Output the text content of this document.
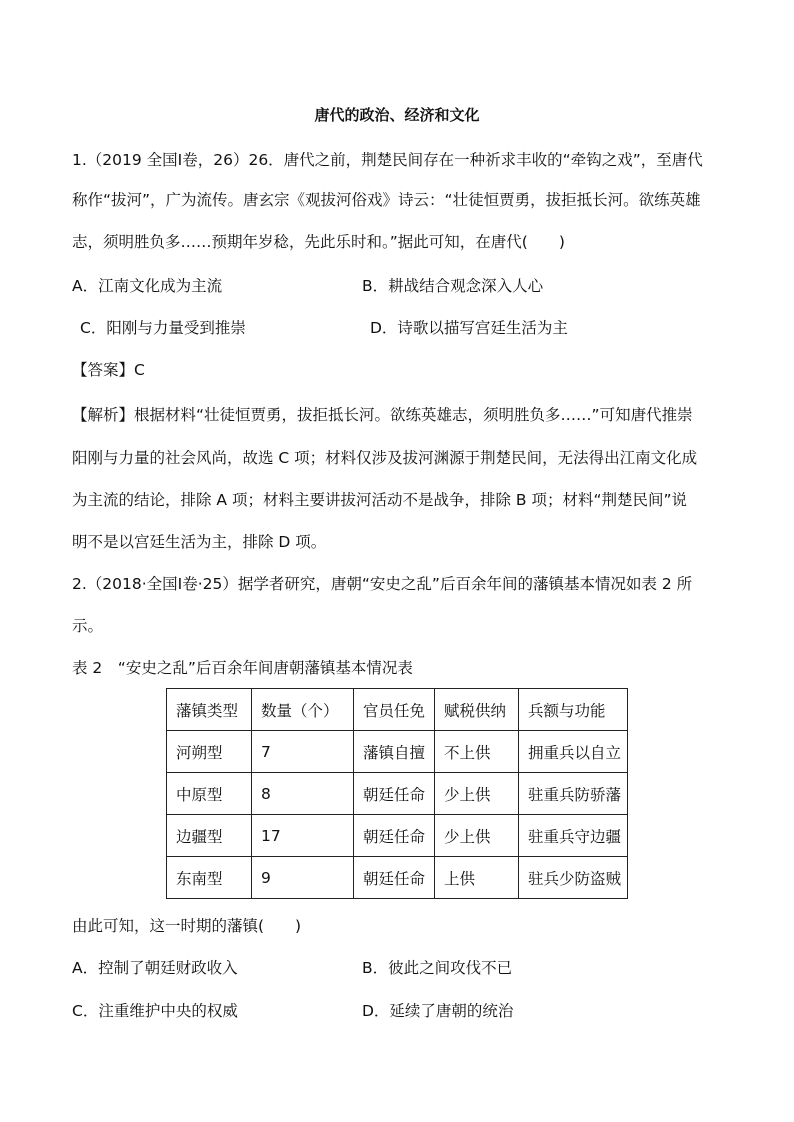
唐代的政治、经济和文化
1.（2019 全国Ⅰ卷，26）26．唐代之前，荆楚民间存在一种祈求丰收的“牵钩之戏”，至唐代
称作“拔河”，广为流传。唐玄宗《观拔河俗戏》诗云：“壮徒恒贾勇，拔拒抵长河。欲练英雄
志，须明胜负多……预期年岁稔，先此乐时和。”据此可知，在唐代(　　)
A．江南文化成为主流	B．耕战结合观念深入人心
C．阳刚与力量受到推崇	D．诗歌以描写宫廷生活为主
【答案】C
【解析】根据材料“壮徒恒贾勇，拔拒抵长河。欲练英雄志，须明胜负多……”可知唐代推崇
阳刚与力量的社会风尚，故选 C 项；材料仅涉及拔河渊源于荆楚民间，无法得出江南文化成
为主流的结论，排除 A 项；材料主要讲拔河活动不是战争，排除 B 项；材料“荆楚民间”说
明不是以宫廷生活为主，排除 D 项。
2.（2018·全国Ⅰ卷·25）据学者研究，唐朝“安史之乱”后百余年间的藩镇基本情况如表 2 所
示。
表 2　“安史之乱”后百余年间唐朝藩镇基本情况表
藩镇类型	数量（个）	官员任免	赋税供纳	兵额与功能
河朔型	7	藩镇自擅	不上供	拥重兵以自立
中原型	8	朝廷任命	少上供	驻重兵防骄藩
边疆型	17	朝廷任命	少上供	驻重兵守边疆
东南型	9	朝廷任命	上供	驻兵少防盗贼
由此可知，这一时期的藩镇(　　)
A．控制了朝廷财政收入	B．彼此之间攻伐不已
C．注重维护中央的权威	D．延续了唐朝的统治
